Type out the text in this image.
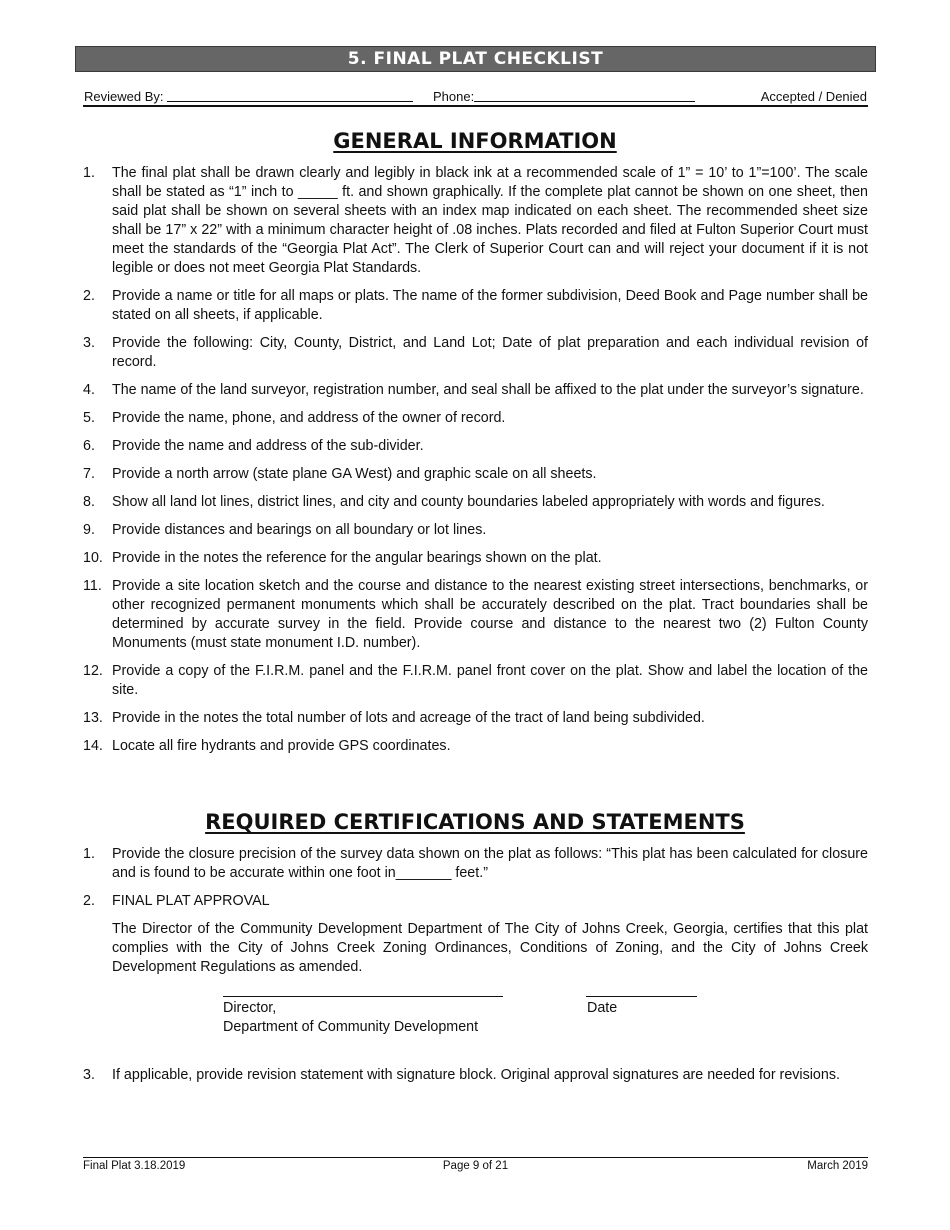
5. FINAL PLAT CHECKLIST
Reviewed By:	Phone:	Accepted / Denied
GENERAL INFORMATION
1.	The final plat shall be drawn clearly and legibly in black ink at a recommended scale of 1” = 10’ to 1”=100’. The scale shall be stated as “1” inch to _____ ft. and shown graphically. If the complete plat cannot be shown on one sheet, then said plat shall be shown on several sheets with an index map indicated on each sheet. The recommended sheet size shall be 17” x 22” with a minimum character height of .08 inches. Plats recorded and filed at Fulton Superior Court must meet the standards of the “Georgia Plat Act”. The Clerk of Superior Court can and will reject your document if it is not legible or does not meet Georgia Plat Standards.
2.	Provide a name or title for all maps or plats. The name of the former subdivision, Deed Book and Page number shall be stated on all sheets, if applicable.
3.	Provide the following: City, County, District, and Land Lot; Date of plat preparation and each individual revision of record.
4.	The name of the land surveyor, registration number, and seal shall be affixed to the plat under the surveyor’s signature.
5.	Provide the name, phone, and address of the owner of record.
6.	Provide the name and address of the sub-divider.
7.	Provide a north arrow (state plane GA West) and graphic scale on all sheets.
8.	Show all land lot lines, district lines, and city and county boundaries labeled appropriately with words and figures.
9.	Provide distances and bearings on all boundary or lot lines.
10. Provide in the notes the reference for the angular bearings shown on the plat.
11. Provide a site location sketch and the course and distance to the nearest existing street intersections, benchmarks, or other recognized permanent monuments which shall be accurately described on the plat. Tract boundaries shall be determined by accurate survey in the field. Provide course and distance to the nearest two (2) Fulton County Monuments (must state monument I.D. number).
12. Provide a copy of the F.I.R.M. panel and the F.I.R.M. panel front cover on the plat. Show and label the location of the site.
13. Provide in the notes the total number of lots and acreage of the tract of land being subdivided.
14. Locate all fire hydrants and provide GPS coordinates.
REQUIRED CERTIFICATIONS AND STATEMENTS
1.	Provide the closure precision of the survey data shown on the plat as follows: “This plat has been calculated for closure and is found to be accurate within one foot in_______ feet.”
2.	FINAL PLAT APPROVAL
The Director of the Community Development Department of The City of Johns Creek, Georgia, certifies that this plat complies with the City of Johns Creek Zoning Ordinances, Conditions of Zoning, and the City of Johns Creek Development Regulations as amended.
Director,
Department of Community Development
Date
3.	If applicable, provide revision statement with signature block. Original approval signatures are needed for revisions.
Final Plat 3.18.2019	Page 9 of 21	March 2019
